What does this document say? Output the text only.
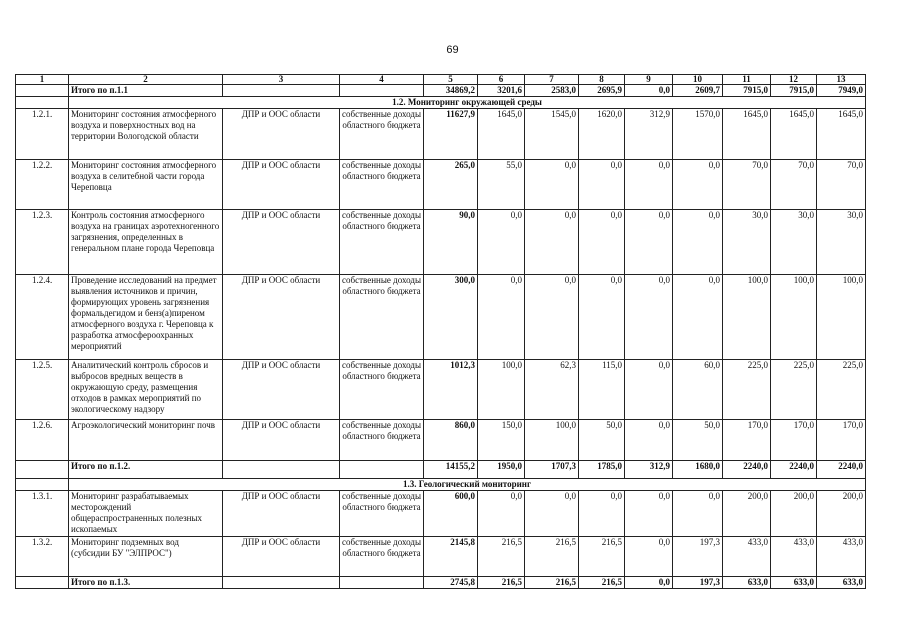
69
1	2	3	4	5	6	7	8	9	10	11	12	13
	Итого по п.1.1			34869,2	3201,6	2583,0	2695,9	0,0	2609,7	7915,0	7915,0	7949,0
	1.2. Мониторинг окружающей среды											
1.2.1.	Мониторинг состояния атмосферного воздуха и поверхностных вод на территории Вологодской области	ДПР и ООС области	собственные доходы областного бюджета	11627,9	1645,0	1545,0	1620,0	312,9	1570,0	1645,0	1645,0	1645,0
1.2.2.	Мониторинг состояния атмосферного воздуха в селитебной части города Череповца	ДПР и ООС области	собственные доходы областного бюджета	265,0	55,0	0,0	0,0	0,0	0,0	70,0	70,0	70,0
1.2.3.	Контроль состояния атмосферного воздуха на границах аэротехногенного загрязнения, определенных в генеральном плане города Череповца	ДПР и ООС области	собственные доходы областного бюджета	90,0	0,0	0,0	0,0	0,0	0,0	30,0	30,0	30,0
1.2.4.	Проведение исследований на предмет выявления источников и причин, формирующих уровень загрязнения формальдегидом и бенз(а)пиреном атмосферного воздуха г. Череповца к разработка атмосфероохранных мероприятий	ДПР и ООС области	собственные доходы областного бюджета	300,0	0,0	0,0	0,0	0,0	0,0	100,0	100,0	100,0
1.2.5.	Аналитический контроль сбросов и выбросов вредных веществ в окружающую среду, размещения отходов в рамках мероприятий по экологическому надзору	ДПР и ООС области	собственные доходы областного бюджета	1012,3	100,0	62,3	115,0	0,0	60,0	225,0	225,0	225,0
1.2.6.	Агроэкологический мониторинг почв	ДПР и ООС области	собственные доходы областного бюджета	860,0	150,0	100,0	50,0	0,0	50,0	170,0	170,0	170,0
	Итого по п.1.2.			14155,2	1950,0	1707,3	1785,0	312,9	1680,0	2240,0	2240,0	2240,0
	1.3. Геологический мониторинг											
1.3.1.	Мониторинг разрабатываемых месторождений общераспространенных полезных ископаемых	ДПР и ООС области	собственные доходы областного бюджета	600,0	0,0	0,0	0,0	0,0	0,0	200,0	200,0	200,0
1.3.2.	Мониторинг подземных вод (субсидии БУ "ЭЛПРОС")	ДПР и ООС области	собственные доходы областного бюджета	2145,8	216,5	216,5	216,5	0,0	197,3	433,0	433,0	433,0
	Итого по п.1.3.			2745,8	216,5	216,5	216,5	0,0	197,3	633,0	633,0	633,0
